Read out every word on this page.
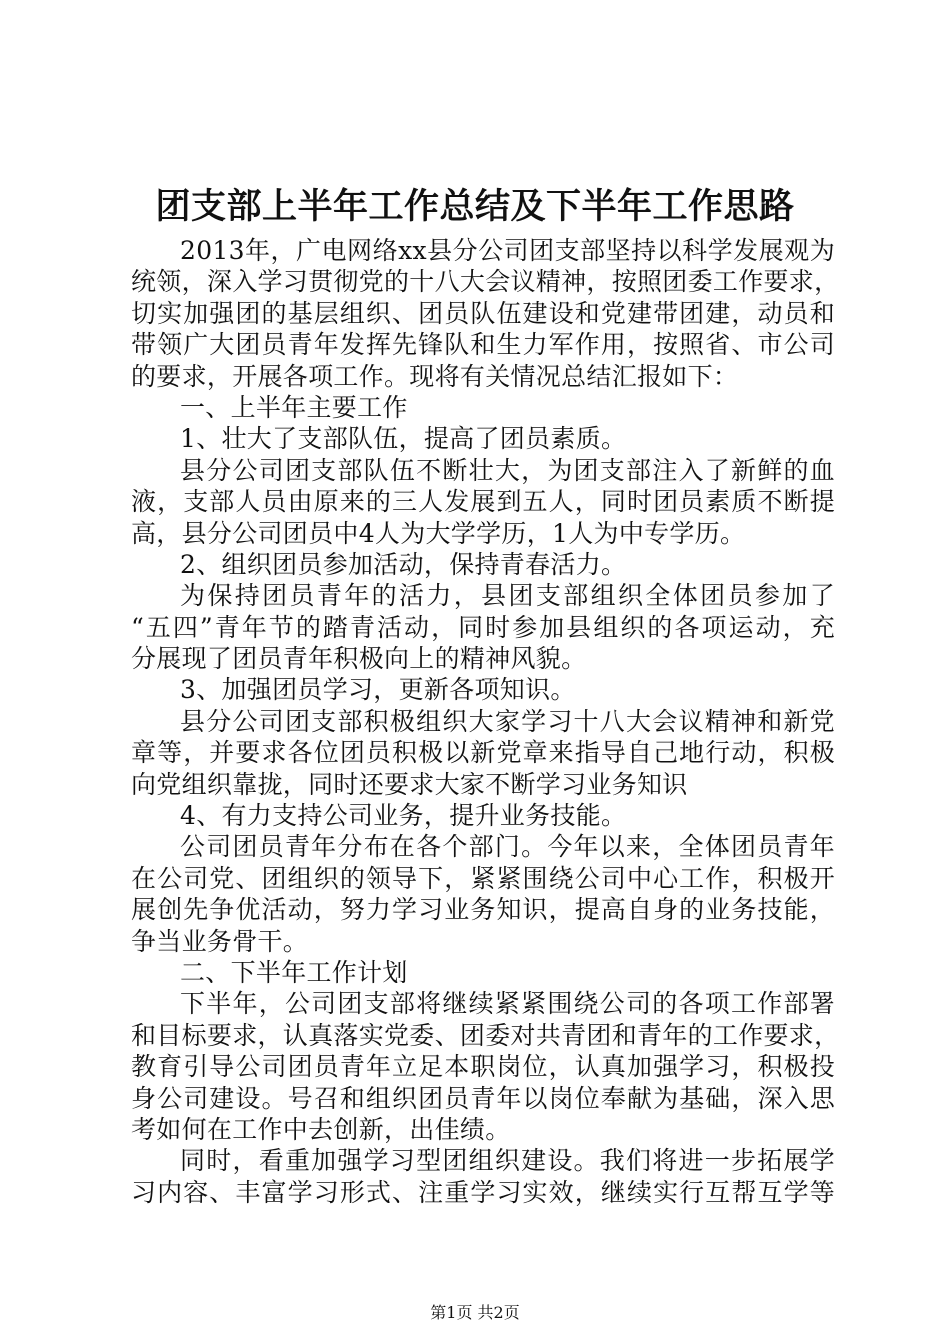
团支部上半年工作总结及下半年工作思路
2013年，广电网络xx县分公司团支部坚持以科学发展观为
统领，深入学习贯彻党的十八大会议精神，按照团委工作要求，
切实加强团的基层组织、团员队伍建设和党建带团建，动员和
带领广大团员青年发挥先锋队和生力军作用，按照省、市公司
的要求，开展各项工作。现将有关情况总结汇报如下：
一、上半年主要工作
1、壮大了支部队伍，提高了团员素质。
县分公司团支部队伍不断壮大，为团支部注入了新鲜的血
液，支部人员由原来的三人发展到五人，同时团员素质不断提
高，县分公司团员中4人为大学学历，1人为中专学历。
2、组织团员参加活动，保持青春活力。
为保持团员青年的活力，县团支部组织全体团员参加了
“五四”青年节的踏青活动，同时参加县组织的各项运动，充
分展现了团员青年积极向上的精神风貌。
3、加强团员学习，更新各项知识。
县分公司团支部积极组织大家学习十八大会议精神和新党
章等，并要求各位团员积极以新党章来指导自己地行动，积极
向党组织靠拢，同时还要求大家不断学习业务知识
4、有力支持公司业务，提升业务技能。
公司团员青年分布在各个部门。今年以来，全体团员青年
在公司党、团组织的领导下，紧紧围绕公司中心工作，积极开
展创先争优活动，努力学习业务知识，提高自身的业务技能，
争当业务骨干。
二、下半年工作计划
下半年，公司团支部将继续紧紧围绕公司的各项工作部署
和目标要求，认真落实党委、团委对共青团和青年的工作要求，
教育引导公司团员青年立足本职岗位，认真加强学习，积极投
身公司建设。号召和组织团员青年以岗位奉献为基础，深入思
考如何在工作中去创新，出佳绩。
同时，看重加强学习型团组织建设。我们将进一步拓展学
习内容、丰富学习形式、注重学习实效，继续实行互帮互学等
第1页 共2页
